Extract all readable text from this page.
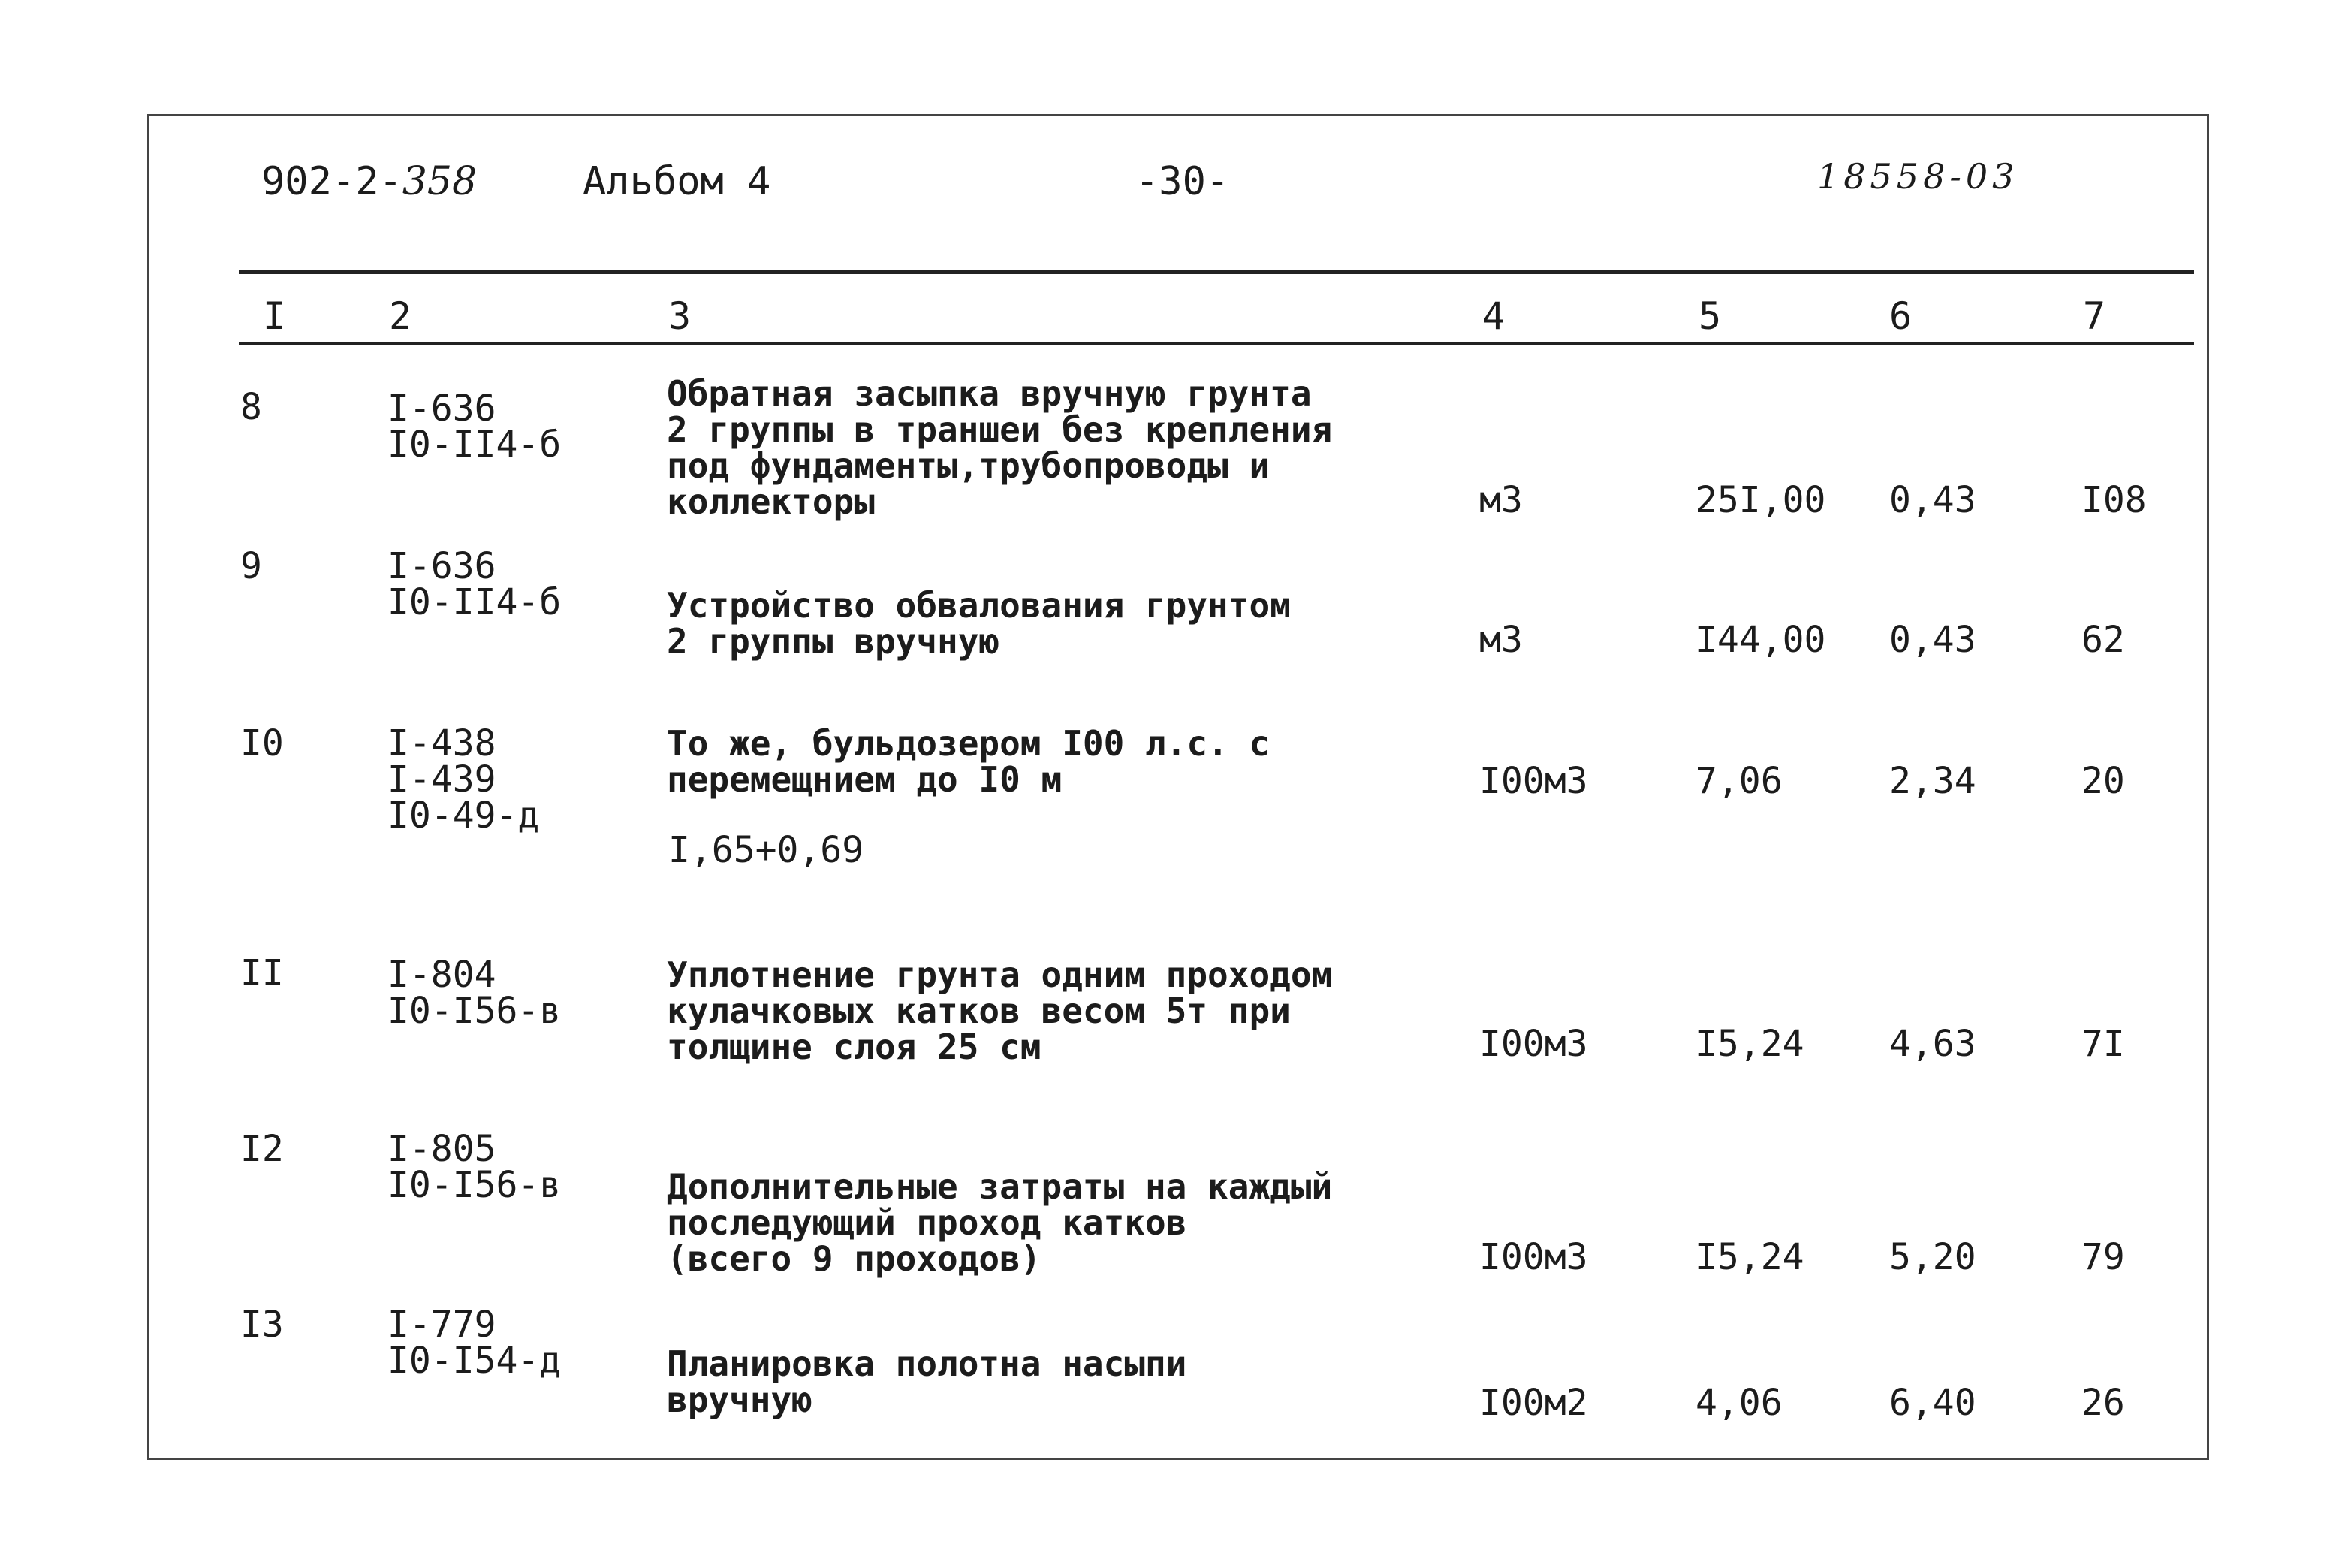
902-2-358	Альбом 4	-30-	18558-03
I	2	3	4	5	6	7
8	I-636
I0-II4-б
Обратная засыпка вручную грунта
2 группы в траншеи без крепления
под фундаменты,трубопроводы и
коллекторы	м3	25I,00 0,43	I08
9	I-636
I0-II4-б	Устройство обвалования грунтом
2 группы вручную	м3	I44,00 0,43	62
I0	I-438
I-439
I0-49-д
То же, бульдозером I00 л.с. с
перемещнием до I0 м
I,65+0,69
I00м3	7,06	2,34	20
II	I-804
I0-I56-в
Уплотнение грунта одним проходом
кулачковых катков весом 5т при
толщине слоя 25 см	I00м3	I5,24 4,63	7I
I2	I-805
I0-I56-в	Дополнительные затраты на каждый
последующий проход катков
(всего 9 проходов)	I00м3	I5,24 5,20	79
I3	I-779
I0-I54-д	Планировка полотна насыпи
вручную	I00м2	4,06	6,40	26
